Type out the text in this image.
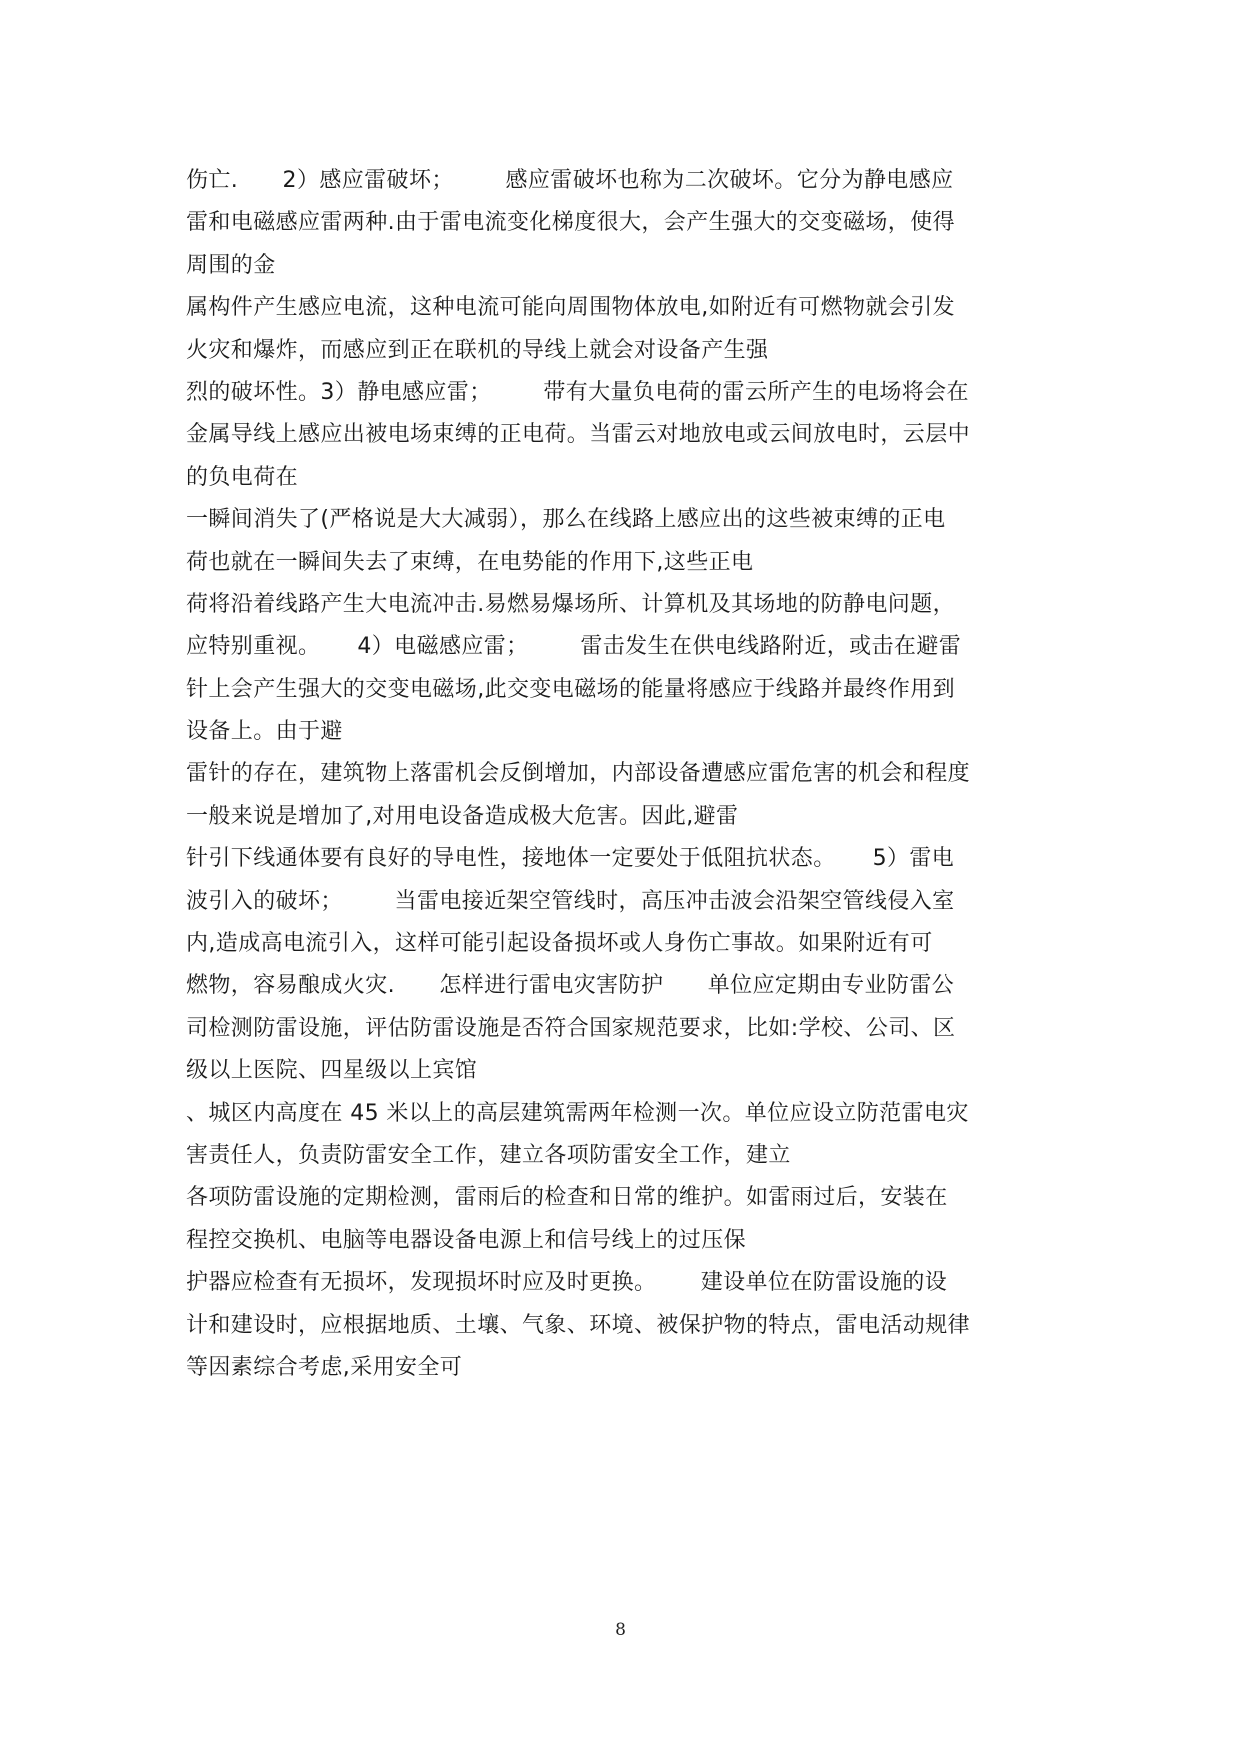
伤亡.      2）感应雷破坏；       感应雷破坏也称为二次破坏。它分为静电感应
雷和电磁感应雷两种.由于雷电流变化梯度很大，会产生强大的交变磁场，使得
周围的金
属构件产生感应电流，这种电流可能向周围物体放电,如附近有可燃物就会引发
火灾和爆炸，而感应到正在联机的导线上就会对设备产生强
烈的破坏性。3）静电感应雷；       带有大量负电荷的雷云所产生的电场将会在
金属导线上感应出被电场束缚的正电荷。当雷云对地放电或云间放电时，云层中
的负电荷在
一瞬间消失了(严格说是大大减弱），那么在线路上感应出的这些被束缚的正电
荷也就在一瞬间失去了束缚，在电势能的作用下,这些正电
荷将沿着线路产生大电流冲击.易燃易爆场所、计算机及其场地的防静电问题，
应特别重视。     4）电磁感应雷；       雷击发生在供电线路附近，或击在避雷
针上会产生强大的交变电磁场,此交变电磁场的能量将感应于线路并最终作用到
设备上。由于避
雷针的存在，建筑物上落雷机会反倒增加，内部设备遭感应雷危害的机会和程度
一般来说是增加了,对用电设备造成极大危害。因此,避雷
针引下线通体要有良好的导电性，接地体一定要处于低阻抗状态。     5）雷电
波引入的破坏；       当雷电接近架空管线时，高压冲击波会沿架空管线侵入室
内,造成高电流引入，这样可能引起设备损坏或人身伤亡事故。如果附近有可
燃物，容易酿成火灾.      怎样进行雷电灾害防护      单位应定期由专业防雷公
司检测防雷设施，评估防雷设施是否符合国家规范要求，比如:学校、公司、区
级以上医院、四星级以上宾馆
、城区内高度在 45 米以上的高层建筑需两年检测一次。单位应设立防范雷电灾
害责任人，负责防雷安全工作，建立各项防雷安全工作，建立
各项防雷设施的定期检测，雷雨后的检查和日常的维护。如雷雨过后，安装在
程控交换机、电脑等电器设备电源上和信号线上的过压保
护器应检查有无损坏，发现损坏时应及时更换。      建设单位在防雷设施的设
计和建设时，应根据地质、土壤、气象、环境、被保护物的特点，雷电活动规律
等因素综合考虑,采用安全可
8
